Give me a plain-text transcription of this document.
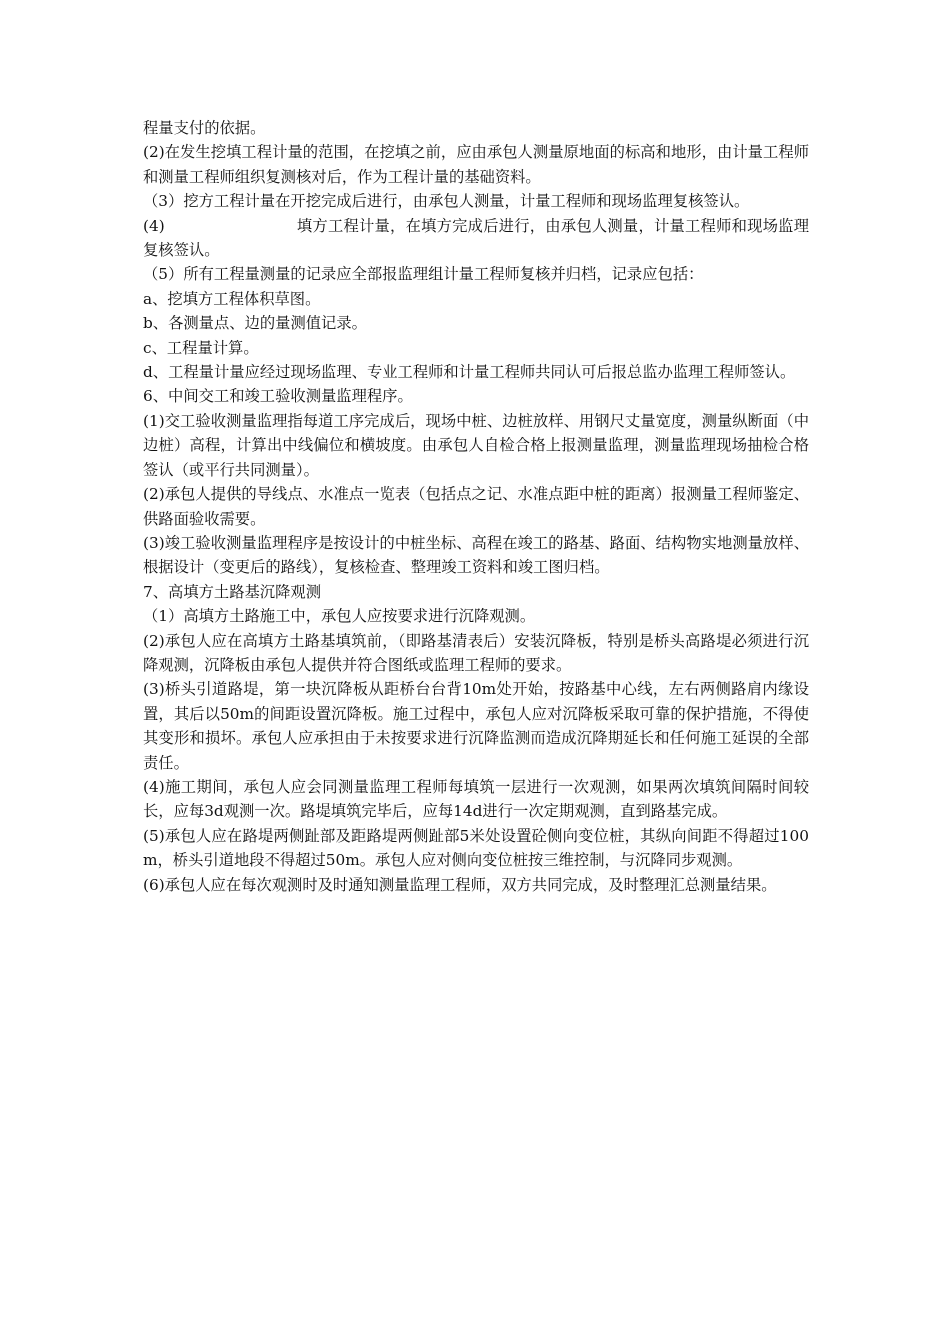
程量支付的依据。

(2)在发生挖填工程计量的范围，在挖填之前，应由承包人测量原地面的标高和地形，由计量工程师和测量工程师组织复测核对后，作为工程计量的基础资料。

（3）挖方工程计量在开挖完成后进行，由承包人测量，计量工程师和现场监理复核签认。

(4)	填方工程计量，在填方完成后进行，由承包人测量，计量工程师和现场监理复核签认。

（5）所有工程量测量的记录应全部报监理组计量工程师复核并归档，记录应包括：

a、挖填方工程体积草图。

b、各测量点、边的量测值记录。

c、工程量计算。

d、工程量计量应经过现场监理、专业工程师和计量工程师共同认可后报总监办监理工程师签认。

6、中间交工和竣工验收测量监理程序。

(1)交工验收测量监理指每道工序完成后，现场中桩、边桩放样、用钢尺丈量宽度，测量纵断面（中边桩）高程，计算出中线偏位和横坡度。由承包人自检合格上报测量监理，测量监理现场抽检合格签认（或平行共同测量）。

(2)承包人提供的导线点、水准点一览表（包括点之记、水准点距中桩的距离）报测量工程师鉴定、供路面验收需要。

(3)竣工验收测量监理程序是按设计的中桩坐标、高程在竣工的路基、路面、结构物实地测量放样、根据设计（变更后的路线），复核检查、整理竣工资料和竣工图归档。

7、高填方土路基沉降观测

（1）高填方土路施工中，承包人应按要求进行沉降观测。

(2)承包人应在高填方土路基填筑前，（即路基清表后）安装沉降板，特别是桥头高路堤必须进行沉降观测，沉降板由承包人提供并符合图纸或监理工程师的要求。

(3)桥头引道路堤，第一块沉降板从距桥台台背10m处开始，按路基中心线，左右两侧路肩内缘设置，其后以50m的间距设置沉降板。施工过程中，承包人应对沉降板采取可靠的保护措施，不得使其变形和损坏。承包人应承担由于未按要求进行沉降监测而造成沉降期延长和任何施工延误的全部责任。

(4)施工期间，承包人应会同测量监理工程师每填筑一层进行一次观测，如果两次填筑间隔时间较长，应每3d观测一次。路堤填筑完毕后，应每14d进行一次定期观测，直到路基完成。

(5)承包人应在路堤两侧趾部及距路堤两侧趾部5米处设置砼侧向变位桩，其纵向间距不得超过100m，桥头引道地段不得超过50m。承包人应对侧向变位桩按三维控制，与沉降同步观测。

(6)承包人应在每次观测时及时通知测量监理工程师，双方共同完成，及时整理汇总测量结果。
